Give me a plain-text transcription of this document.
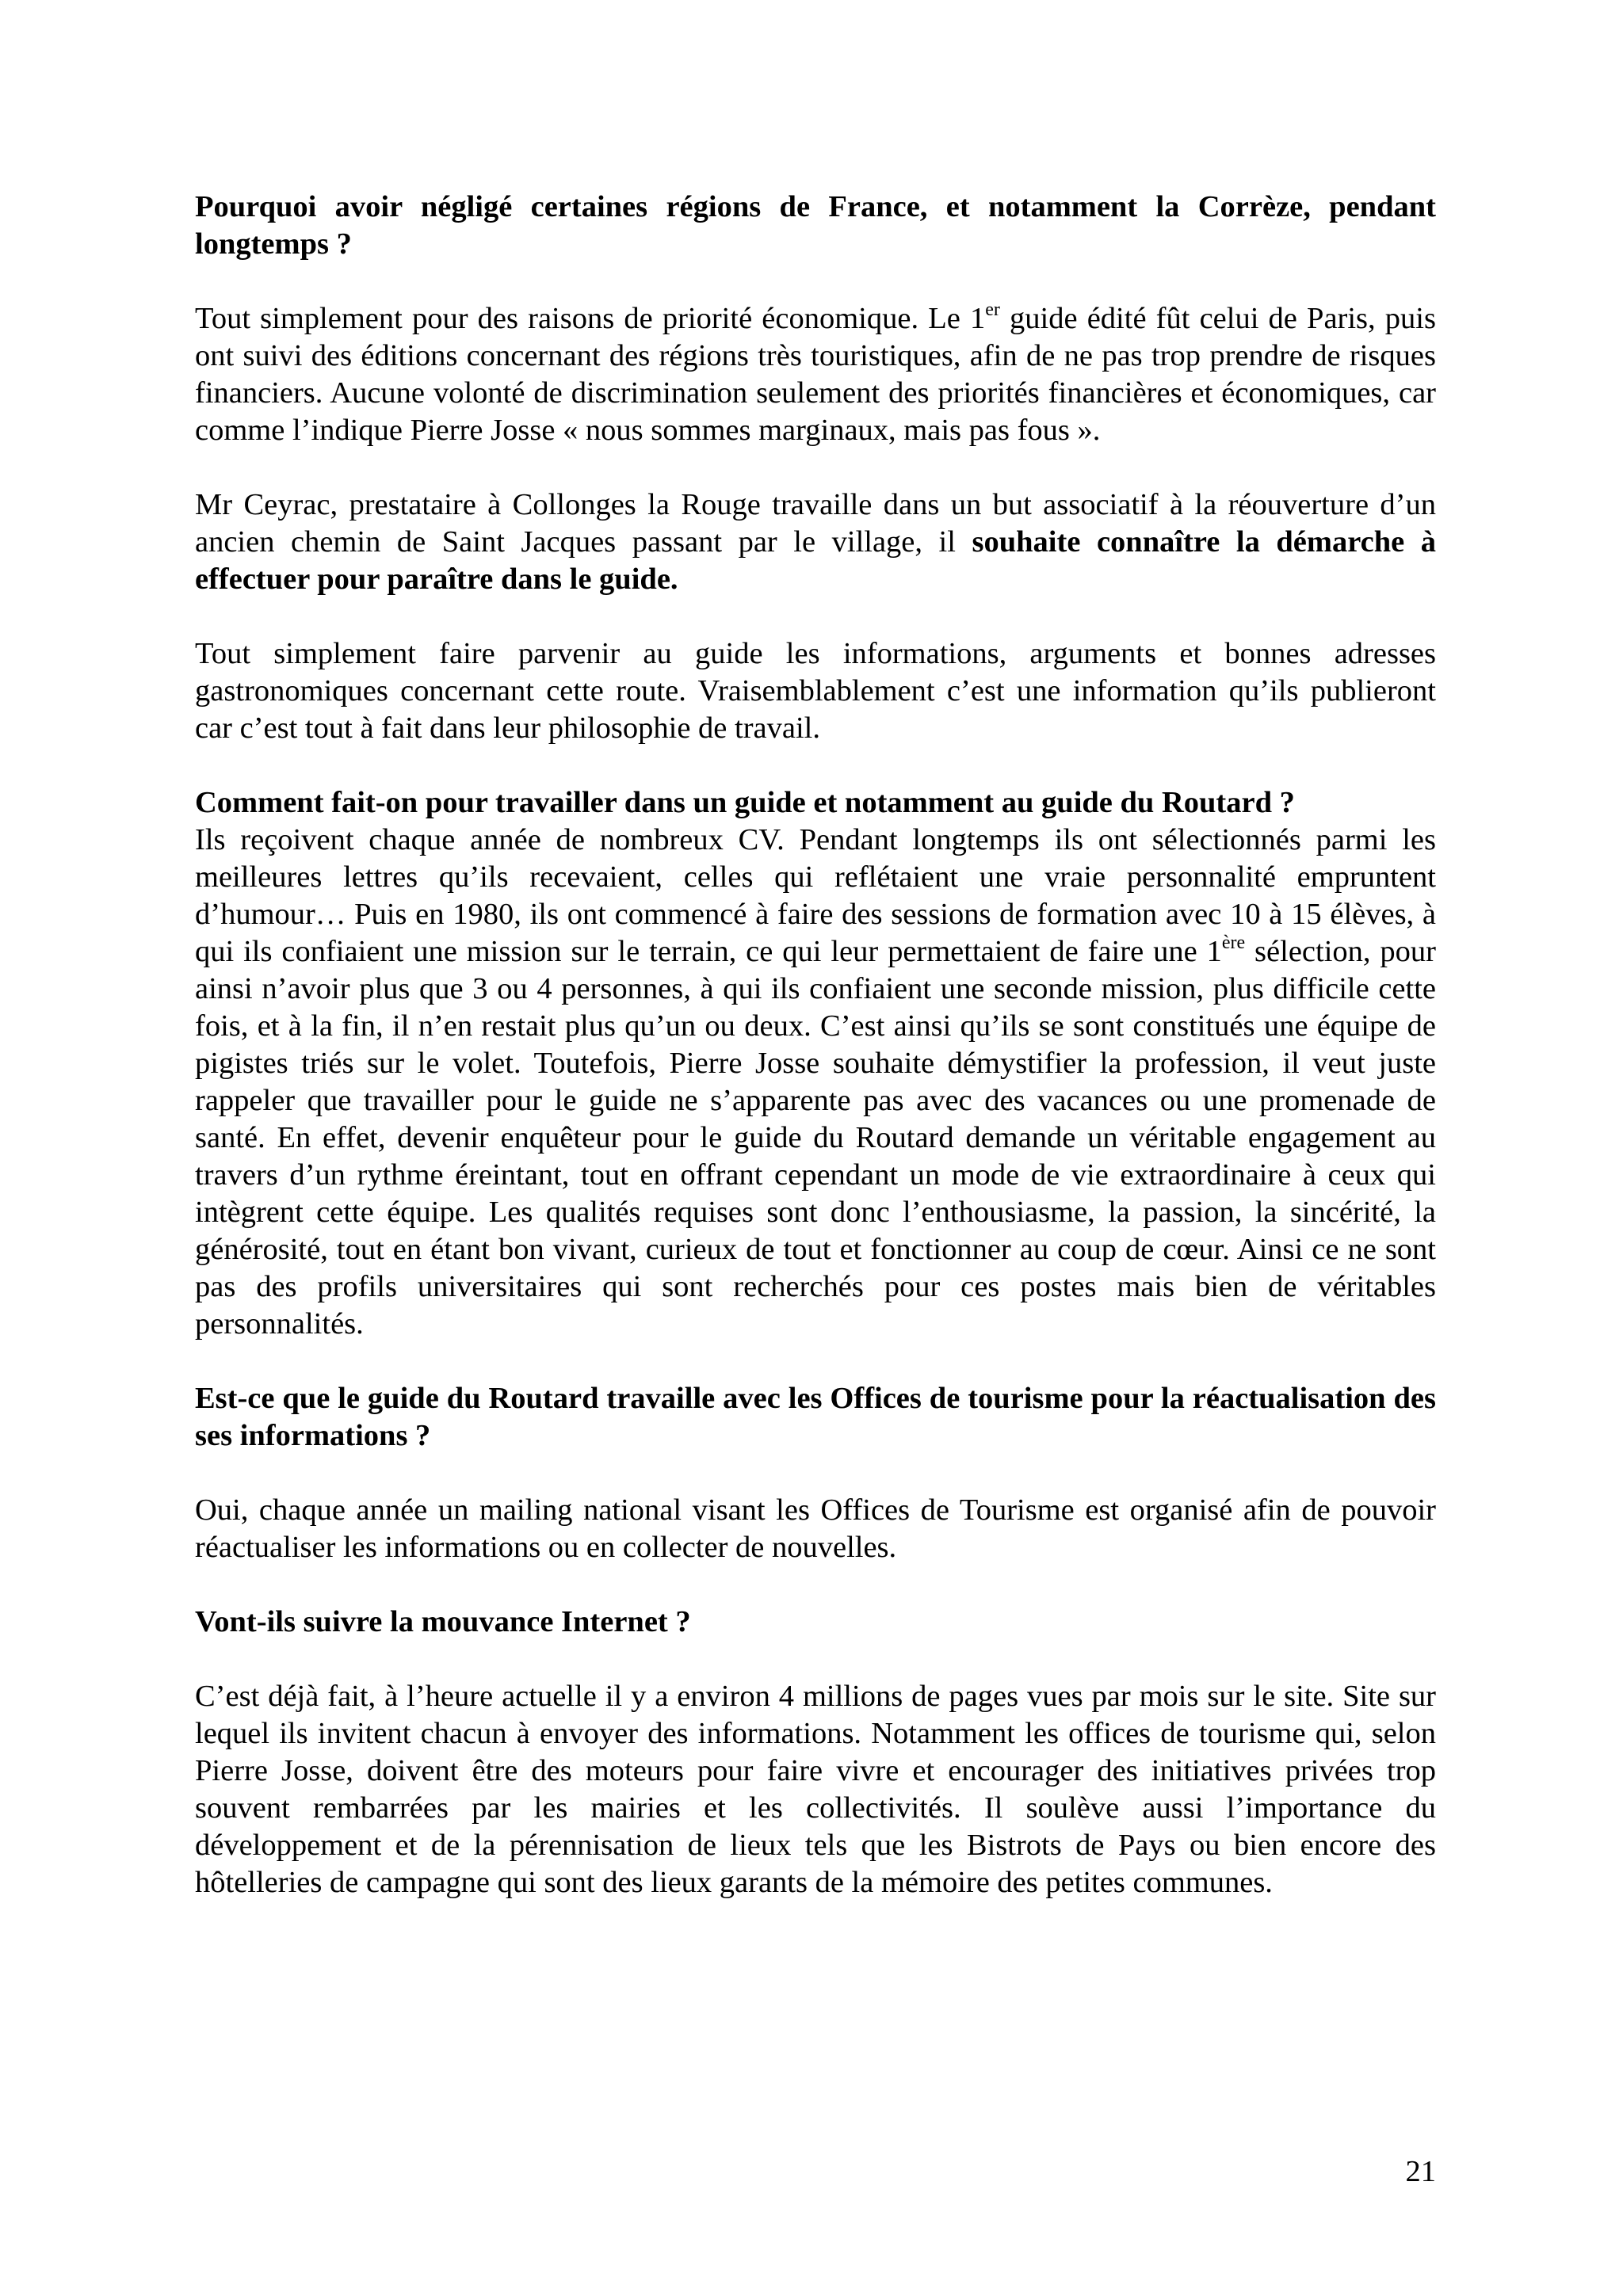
Pourquoi avoir négligé certaines régions de France, et notamment la Corrèze, pendant longtemps ?

Tout simplement pour des raisons de priorité économique. Le 1er guide édité fût celui de Paris, puis ont suivi des éditions concernant des régions très touristiques, afin de ne pas trop prendre de risques financiers. Aucune volonté de discrimination seulement des priorités financières et économiques, car comme l’indique Pierre Josse « nous sommes marginaux, mais pas fous ».

Mr Ceyrac, prestataire à Collonges la Rouge travaille dans un but associatif à la réouverture d’un ancien chemin de Saint Jacques passant par le village, il souhaite connaître la démarche à effectuer pour paraître dans le guide.

Tout simplement faire parvenir au guide les informations, arguments et bonnes adresses gastronomiques concernant cette route. Vraisemblablement c’est une information qu’ils publieront car c’est tout à fait dans leur philosophie de travail.

Comment fait-on pour travailler dans un guide et notamment au guide du Routard ?

Ils reçoivent chaque année de nombreux CV. Pendant longtemps ils ont sélectionnés parmi les meilleures lettres qu’ils recevaient, celles qui reflétaient une vraie personnalité empruntent d’humour… Puis en 1980, ils ont commencé à faire des sessions de formation avec 10 à 15 élèves, à qui ils confiaient une mission sur le terrain, ce qui leur permettaient de faire une 1ère sélection, pour ainsi n’avoir plus que 3 ou 4 personnes, à qui ils confiaient une seconde mission, plus difficile cette fois, et à la fin, il n’en restait plus qu’un ou deux. C’est ainsi qu’ils se sont constitués une équipe de pigistes triés sur le volet. Toutefois, Pierre Josse souhaite démystifier la profession, il veut juste rappeler que travailler pour le guide ne s’apparente pas avec des vacances ou une promenade de santé. En effet, devenir enquêteur pour le guide du Routard demande un véritable engagement au travers d’un rythme éreintant, tout en offrant cependant un mode de vie extraordinaire à ceux qui intègrent cette équipe. Les qualités requises sont donc l’enthousiasme, la passion, la sincérité, la générosité, tout en étant bon vivant, curieux de tout et fonctionner au coup de cœur. Ainsi ce ne sont pas des profils universitaires qui sont recherchés pour ces postes mais bien de véritables personnalités.

Est-ce que le guide du Routard travaille avec les Offices de tourisme pour la réactualisation des ses informations ?

Oui, chaque année un mailing national visant les Offices de Tourisme est organisé afin de pouvoir réactualiser les informations ou en collecter de nouvelles.

Vont-ils suivre la mouvance Internet ?

C’est déjà fait, à l’heure actuelle il y a environ 4 millions de pages vues par mois sur le site. Site sur lequel ils invitent chacun à envoyer des informations. Notamment les offices de tourisme qui, selon Pierre Josse, doivent être des moteurs pour faire vivre et encourager des initiatives privées trop souvent rembarrées par les mairies et les collectivités. Il soulève aussi l’importance du développement et de la pérennisation de lieux tels que les Bistrots de Pays ou bien encore des hôtelleries de campagne qui sont des lieux garants de la mémoire des petites communes.

21
